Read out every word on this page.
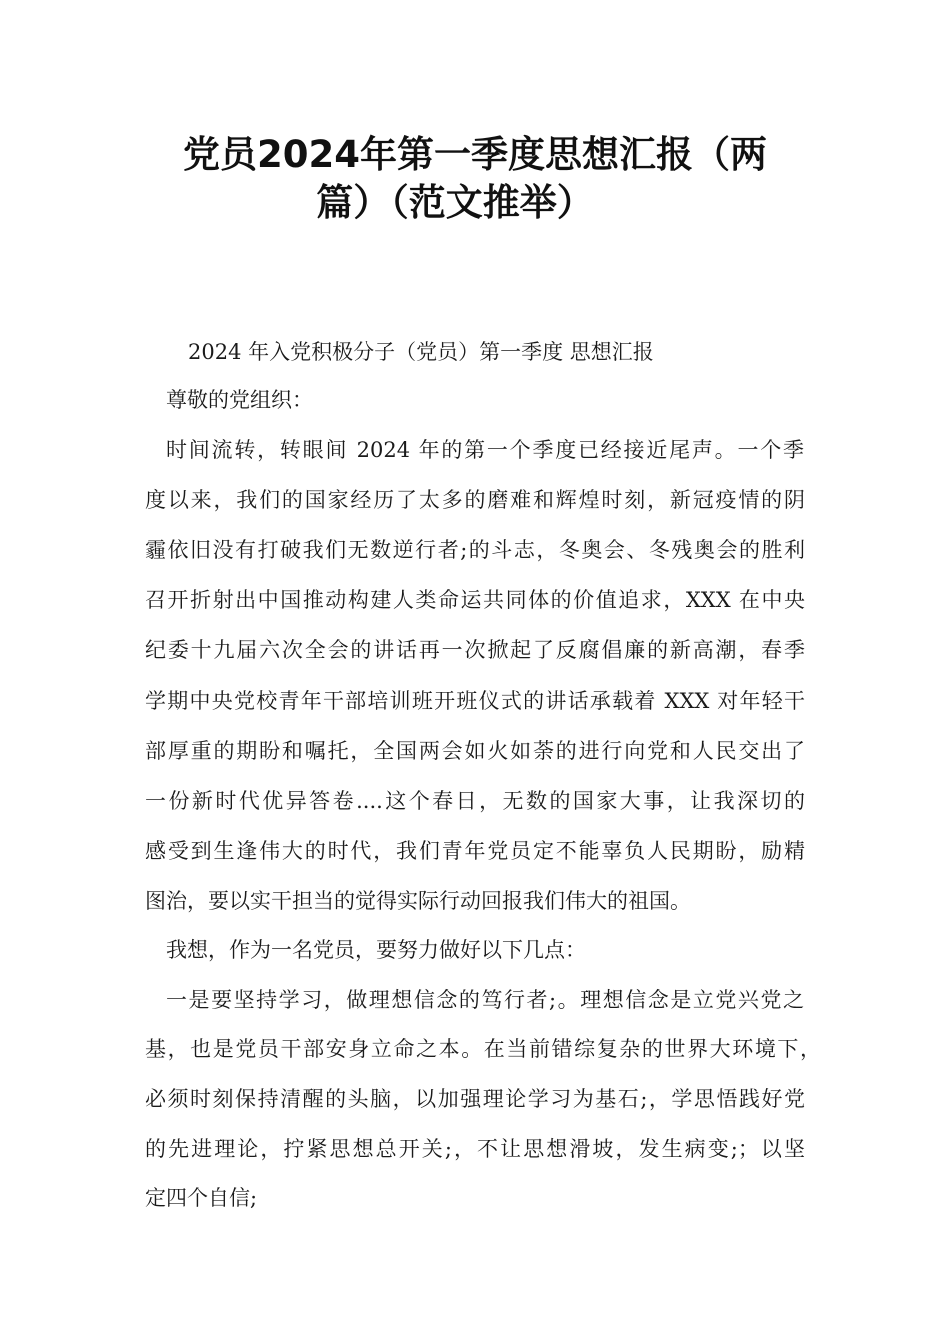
党员2024年第一季度思想汇报（两
篇）（范文推举）

2024 年入党积极分子（党员）第一季度 思想汇报

尊敬的党组织：

时间流转，转眼间 2024 年的第一个季度已经接近尾声。一个季

度以来，我们的国家经历了太多的磨难和辉煌时刻，新冠疫情的阴

霾依旧没有打破我们无数逆行者;的斗志，冬奥会、冬残奥会的胜利

召开折射出中国推动构建人类命运共同体的价值追求，XXX 在中央

纪委十九届六次全会的讲话再一次掀起了反腐倡廉的新高潮，春季

学期中央党校青年干部培训班开班仪式的讲话承载着 XXX 对年轻干

部厚重的期盼和嘱托，全国两会如火如荼的进行向党和人民交出了

一份新时代优异答卷....这个春日，无数的国家大事，让我深切的

感受到生逢伟大的时代，我们青年党员定不能辜负人民期盼，励精

图治，要以实干担当的觉得实际行动回报我们伟大的祖国。

我想，作为一名党员，要努力做好以下几点：

一是要坚持学习，做理想信念的笃行者;。理想信念是立党兴党之

基，也是党员干部安身立命之本。在当前错综复杂的世界大环境下，

必须时刻保持清醒的头脑，以加强理论学习为基石;，学思悟践好党

的先进理论，拧紧思想总开关;，不让思想滑坡，发生病变;；以坚

定四个自信;
